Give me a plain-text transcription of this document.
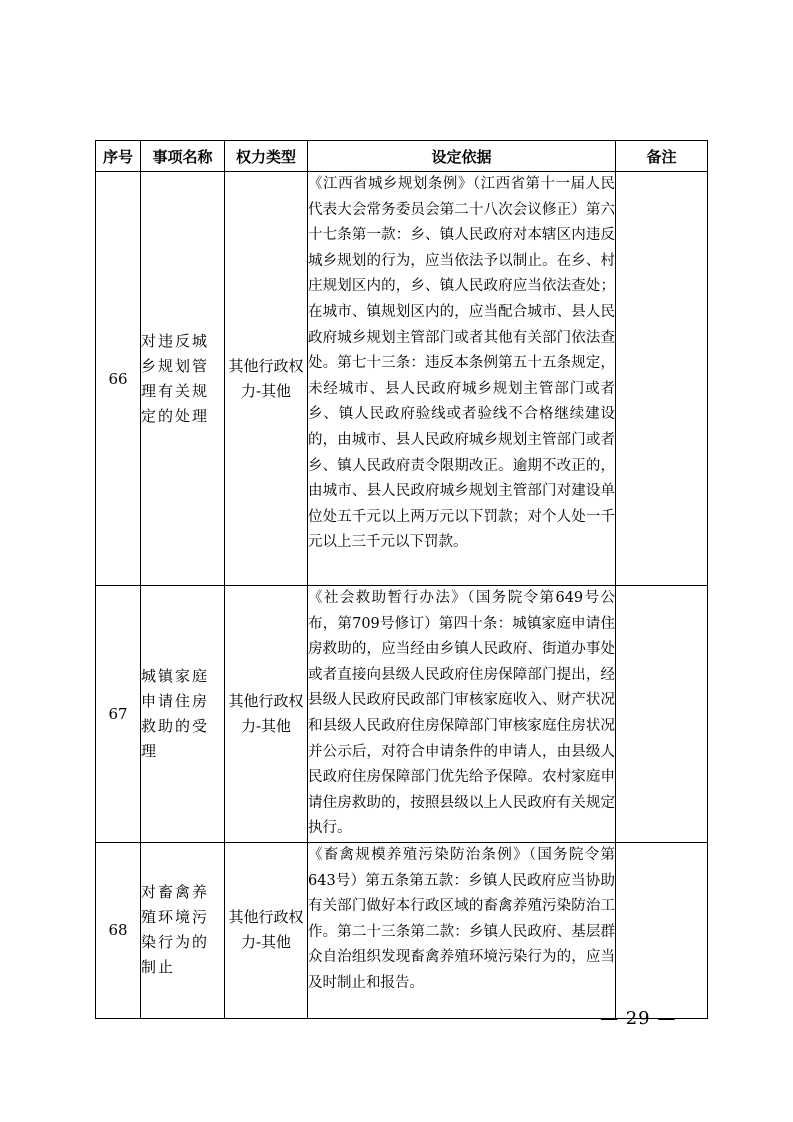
序号	事项名称	权力类型	设定依据	备注
66	对违反城乡规划管理有关规定的处理	其他行政权力-其他	《江西省城乡规划条例》（江西省第十一届人民代表大会常务委员会第二十八次会议修正）第六十七条第一款：乡、镇人民政府对本辖区内违反城乡规划的行为，应当依法予以制止。在乡、村庄规划区内的，乡、镇人民政府应当依法查处；在城市、镇规划区内的，应当配合城市、县人民政府城乡规划主管部门或者其他有关部门依法查处。第七十三条：违反本条例第五十五条规定，未经城市、县人民政府城乡规划主管部门或者乡、镇人民政府验线或者验线不合格继续建设的，由城市、县人民政府城乡规划主管部门或者乡、镇人民政府责令限期改正。逾期不改正的，由城市、县人民政府城乡规划主管部门对建设单位处五千元以上两万元以下罚款；对个人处一千元以上三千元以下罚款。	
67	城镇家庭申请住房救助的受理	其他行政权力-其他	《社会救助暂行办法》（国务院令第649号公布，第709号修订）第四十条：城镇家庭申请住房救助的，应当经由乡镇人民政府、街道办事处或者直接向县级人民政府住房保障部门提出，经县级人民政府民政部门审核家庭收入、财产状况和县级人民政府住房保障部门审核家庭住房状况并公示后，对符合申请条件的申请人，由县级人民政府住房保障部门优先给予保障。农村家庭申请住房救助的，按照县级以上人民政府有关规定执行。	
68	对畜禽养殖环境污染行为的制止	其他行政权力-其他	《畜禽规模养殖污染防治条例》（国务院令第643号）第五条第五款：乡镇人民政府应当协助有关部门做好本行政区域的畜禽养殖污染防治工作。第二十三条第二款：乡镇人民政府、基层群众自治组织发现畜禽养殖环境污染行为的，应当及时制止和报告。	
— 29 —
